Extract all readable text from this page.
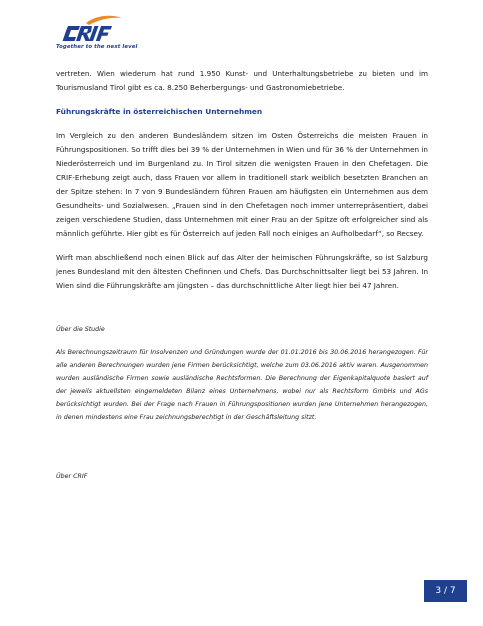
Together to the next level

vertreten. Wien wiederum hat rund 1.950 Kunst- und Unterhaltungsbetriebe zu bieten und im Tourismusland Tirol gibt es ca. 8.250 Beherbergungs- und Gastronomiebetriebe.

Führungskräfte in österreichischen Unternehmen

Im Vergleich zu den anderen Bundesländern sitzen im Osten Österreichs die meisten Frauen in Führungspositionen. So trifft dies bei 39 % der Unternehmen in Wien und für 36 % der Unternehmen in Niederösterreich und im Burgenland zu. In Tirol sitzen die wenigsten Frauen in den Chefetagen. Die CRIF-Erhebung zeigt auch, dass Frauen vor allem in traditionell stark weiblich besetzten Branchen an der Spitze stehen: In 7 von 9 Bundesländern führen Frauen am häufigsten ein Unternehmen aus dem Gesundheits- und Sozialwesen. „Frauen sind in den Chefetagen noch immer unterrepräsentiert, dabei zeigen verschiedene Studien, dass Unternehmen mit einer Frau an der Spitze oft erfolgreicher sind als männlich geführte. Hier gibt es für Österreich auf jeden Fall noch einiges an Aufholbedarf“, so Recsey.

Wirft man abschließend noch einen Blick auf das Alter der heimischen Führungskräfte, so ist Salzburg jenes Bundesland mit den ältesten Chefinnen und Chefs. Das Durchschnittsalter liegt bei 53 Jahren. In Wien sind die Führungskräfte am jüngsten – das durchschnittliche Alter liegt hier bei 47 Jahren.

Über die Studie

Als Berechnungszeitraum für Insolvenzen und Gründungen wurde der 01.01.2016 bis 30.06.2016 herangezogen. Für alle anderen Berechnungen wurden jene Firmen berücksichtigt, welche zum 03.06.2016 aktiv waren. Ausgenommen wurden ausländische Firmen sowie ausländische Rechtsformen. Die Berechnung der Eigenkapitalquote basiert auf der jeweils aktuellsten eingemeldeten Bilanz eines Unternehmens, wobei nur als Rechtsform GmbHs und AGs berücksichtigt wurden. Bei der Frage nach Frauen in Führungspositionen wurden jene Unternehmen herangezogen, in denen mindestens eine Frau zeichnungsberechtigt in der Geschäftsleitung sitzt.

Über CRIF

3 / 7
